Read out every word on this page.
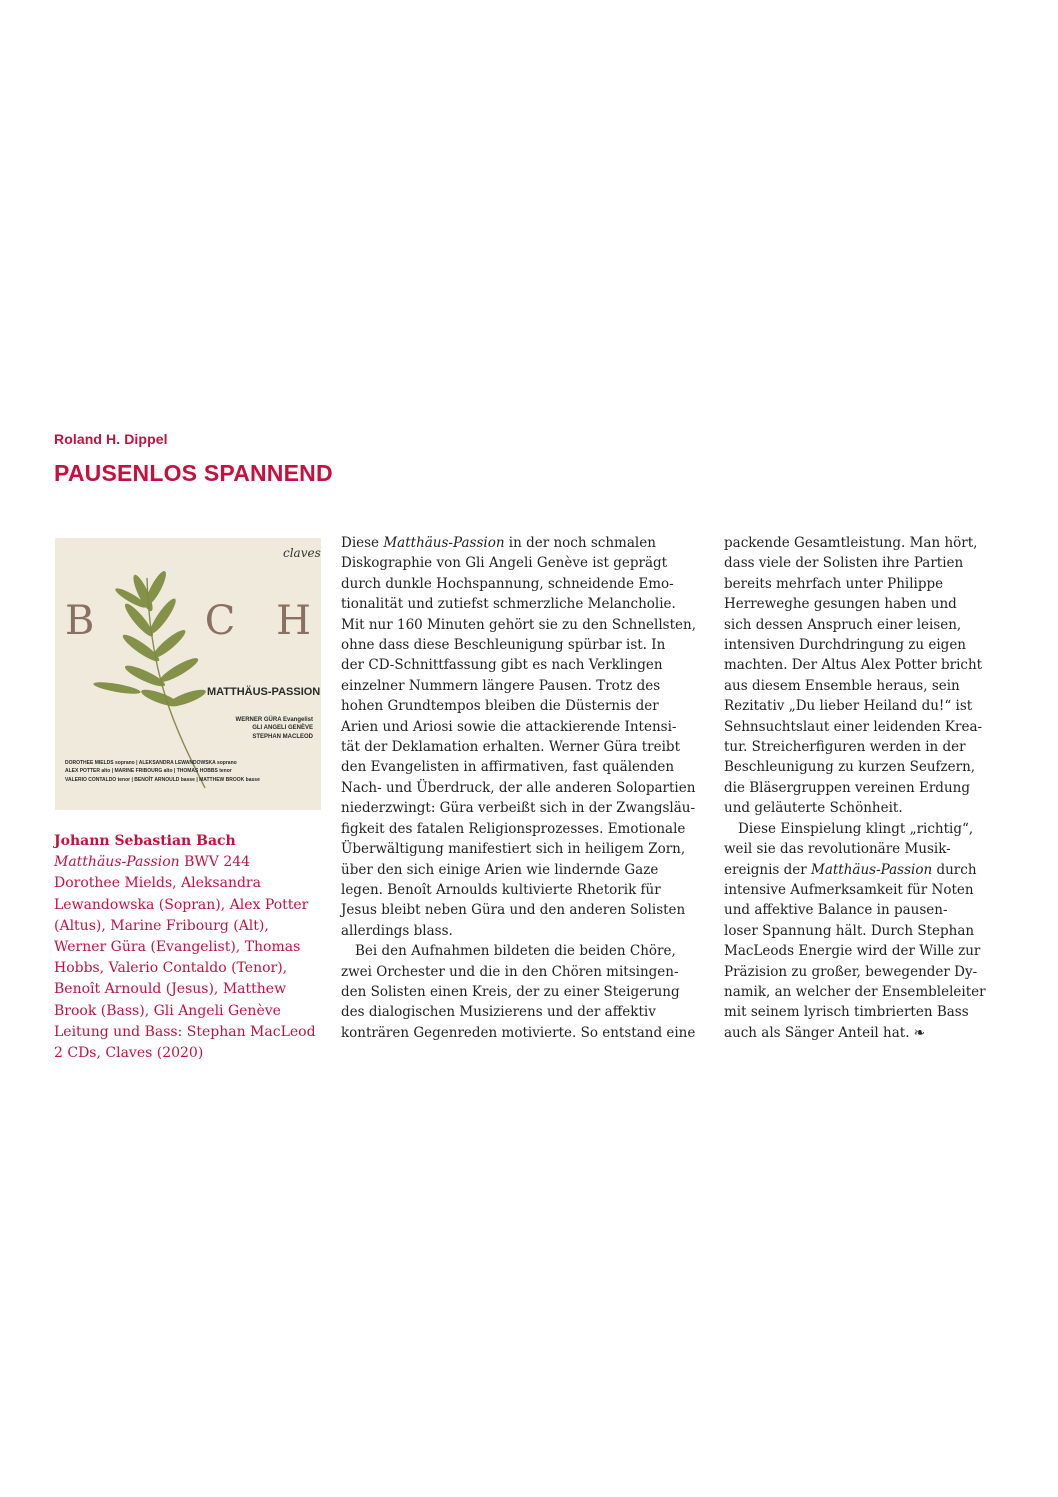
Roland H. Dippel
PAUSENLOS SPANNEND
claves
B	C H
MATTHÄUS-PASSION
WERNER GÜRA Evangelist
GLI ANGELI GENÈVE
STEPHAN MACLEOD
DOROTHEE MIELDS soprano | ALEKSANDRA LEWANDOWSKA soprano
ALEX POTTER alto | MARINE FRIBOURG alto | THOMAS HOBBS tenor
VALERIO CONTALDO tenor | BENOÎT ARNOULD basse | MATTHEW BROOK basse
Johann Sebastian Bach
Matthäus-Passion BWV 244
Dorothee Mields, Aleksandra
Lewandowska (Sopran), Alex Potter
(Altus), Marine Fribourg (Alt),
Werner Güra (Evangelist), Thomas
Hobbs, Valerio Contaldo (Tenor),
Benoît Arnould (Jesus), Matthew
Brook (Bass), Gli Angeli Genève
Leitung und Bass: Stephan MacLeod
2 CDs, Claves (2020)
Diese Matthäus-Passion in der noch schmalen
Diskographie von Gli Angeli Genève ist geprägt
durch dunkle Hochspannung, schneidende Emo-
tionalität und zutiefst schmerzliche Melancholie.
Mit nur 160 Minuten gehört sie zu den Schnellsten,
ohne dass diese Beschleunigung spürbar ist. In
der CD-Schnittfassung gibt es nach Verklingen
einzelner Nummern längere Pausen. Trotz des
hohen Grundtempos bleiben die Düsternis der
Arien und Ariosi sowie die attackierende Intensi-
tät der Deklamation erhalten. Werner Güra treibt
den Evangelisten in affirmativen, fast quälenden
Nach- und Überdruck, der alle anderen Solopartien
niederzwingt: Güra verbeißt sich in der Zwangsläu-
figkeit des fatalen Religionsprozesses. Emotionale
Überwältigung manifestiert sich in heiligem Zorn,
über den sich einige Arien wie lindernde Gaze
legen. Benoît Arnoulds kultivierte Rhetorik für
Jesus bleibt neben Güra und den anderen Solisten
allerdings blass.
Bei den Aufnahmen bildeten die beiden Chöre,
zwei Orchester und die in den Chören mitsingen-
den Solisten einen Kreis, der zu einer Steigerung
des dialogischen Musizierens und der affektiv
konträren Gegenreden motivierte. So entstand eine
packende Gesamtleistung. Man hört,
dass viele der Solisten ihre Partien
bereits mehrfach unter Philippe
Herreweghe gesungen haben und
sich dessen Anspruch einer leisen,
intensiven Durchdringung zu eigen
machten. Der Altus Alex Potter bricht
aus diesem Ensemble heraus, sein
Rezitativ „Du lieber Heiland du!“ ist
Sehnsuchtslaut einer leidenden Krea-
tur. Streicherfiguren werden in der
Beschleunigung zu kurzen Seufzern,
die Bläsergruppen vereinen Erdung
und geläuterte Schönheit.
Diese Einspielung klingt „richtig“,
weil sie das revolutionäre Musik-
ereignis der Matthäus-Passion durch
intensive Aufmerksamkeit für Noten
und affektive Balance in pausen-
loser Spannung hält. Durch Stephan
MacLeods Energie wird der Wille zur
Präzision zu großer, bewegender Dy-
namik, an welcher der Ensembleleiter
mit seinem lyrisch timbrierten Bass
auch als Sänger Anteil hat. ❧
